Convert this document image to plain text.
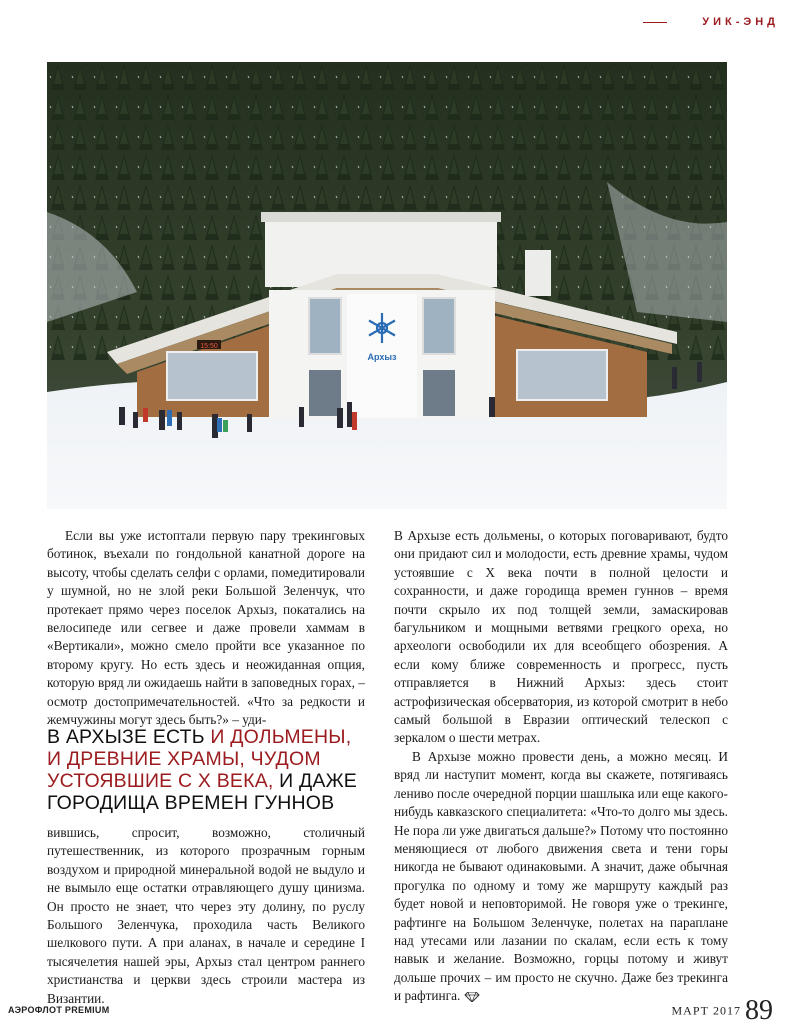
УИК-ЭНД
Архыз
15:50

Если вы уже истоптали первую пару трекинговых ботинок, въехали по гондольной канатной дороге на высоту, чтобы сделать селфи с орлами, помедитировали у шумной, но не злой реки Большой Зеленчук, что протекает прямо через поселок Архыз, покатались на велосипеде или сегвее и даже провели хаммам в «Вертикали», можно смело пройти все указанное по второму кругу. Но есть здесь и неожиданная опция, которую вряд ли ожидаешь найти в заповедных горах, – осмотр достопримечательностей. «Что за редкости и жемчужины могут здесь быть?» – уди-

В АРХЫЗЕ ЕСТЬ И ДОЛЬМЕНЫ, И ДРЕВНИЕ ХРАМЫ, ЧУДОМ УСТОЯВШИЕ С X ВЕКА, И ДАЖЕ ГОРОДИЩА ВРЕМЕН ГУННОВ

вившись, спросит, возможно, столичный путешественник, из которого прозрачным горным воздухом и природной минеральной водой не выдуло и не вымыло еще остатки отравляющего душу цинизма. Он просто не знает, что через эту долину, по руслу Большого Зеленчука, проходила часть Великого шелкового пути. А при аланах, в начале и середине I тысячелетия нашей эры, Архыз стал центром раннего христианства и церкви здесь строили мастера из Византии.

В Архызе есть дольмены, о которых поговаривают, будто они придают сил и молодости, есть древние храмы, чудом устоявшие с X века почти в полной целости и сохранности, и даже городища времен гуннов – время почти скрыло их под толщей земли, замаскировав багульником и мощными ветвями грецкого ореха, но археологи освободили их для всеобщего обозрения. А если кому ближе современность и прогресс, пусть отправляется в Нижний Архыз: здесь стоит астрофизическая обсерватория, из которой смотрит в небо самый большой в Евразии оптический телескоп с зеркалом о шести метрах.

В Архызе можно провести день, а можно месяц. И вряд ли наступит момент, когда вы скажете, потягиваясь лениво после очередной порции шашлыка или еще какого-нибудь кавказского специалитета: «Что-то долго мы здесь. Не пора ли уже двигаться дальше?» Потому что постоянно меняющиеся от любого движения света и тени горы никогда не бывают одинаковыми. А значит, даже обычная прогулка по одному и тому же маршруту каждый раз будет новой и неповторимой. Не говоря уже о трекинге, рафтинге на Большом Зеленчуке, полетах на параплане над утесами или лазании по скалам, если есть к тому навык и желание. Возможно, горцы потому и живут дольше прочих – им просто не скучно. Даже без трекинга и рафтинга.

АЭРОФЛОТ PREMIUM	МАРТ 2017 89
